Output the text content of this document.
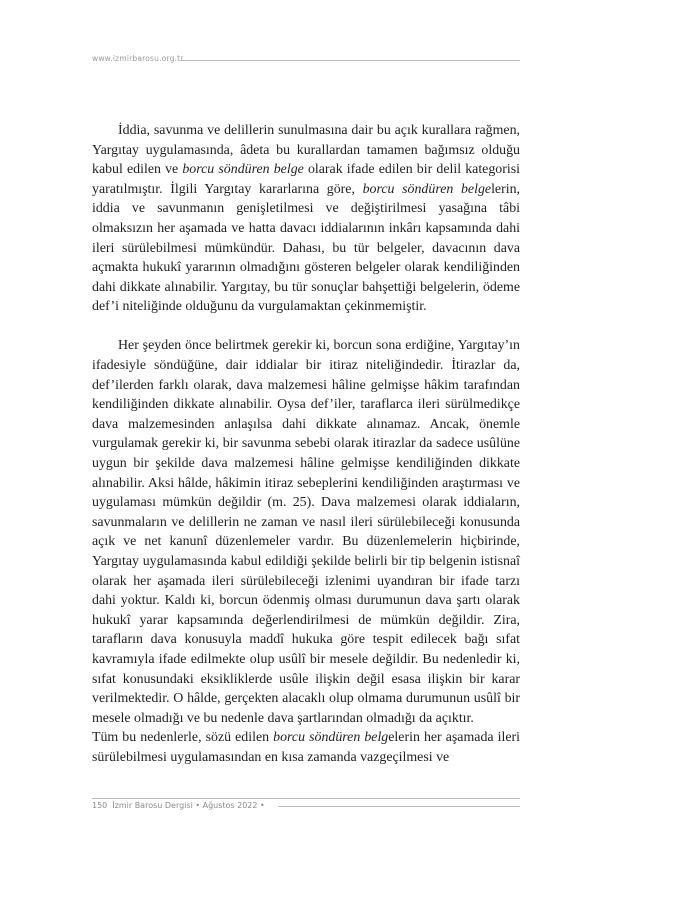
www.izmirbarosu.org.tr

İddia, savunma ve delillerin sunulmasına dair bu açık kurallara rağmen, Yargıtay uygulamasında, âdeta bu kurallardan tamamen bağımsız olduğu kabul edilen ve borcu söndüren belge olarak ifade edilen bir delil kategorisi yaratılmıştır. İlgili Yargıtay kararlarına göre, borcu söndüren belgelerin, iddia ve savunmanın genişletilmesi ve değiştirilmesi yasağına tâbi olmaksızın her aşamada ve hatta davacı iddialarının inkârı kapsamında dahi ileri sürülebilmesi mümkündür. Dahası, bu tür belgeler, davacının dava açmakta hukukî yararının olmadığını gösteren belgeler olarak kendiliğinden dahi dikkate alınabilir. Yargıtay, bu tür sonuçlar bahşettiği belgelerin, ödeme def’i niteliğinde olduğunu da vurgulamaktan çekinmemiştir.

Her şeyden önce belirtmek gerekir ki, borcun sona erdiğine, Yargıtay’ın ifadesiyle söndüğüne, dair iddialar bir itiraz niteliğindedir. İtirazlar da, def’ilerden farklı olarak, dava malzemesi hâline gelmişse hâkim tarafından kendiliğinden dikkate alınabilir. Oysa def’iler, taraflarca ileri sürülmedikçe dava malzemesinden anlaşılsa dahi dikkate alınamaz. Ancak, önemle vurgulamak gerekir ki, bir savunma sebebi olarak itirazlar da sadece usûlüne uygun bir şekilde dava malzemesi hâline gelmişse kendiliğinden dikkate alınabilir. Aksi hâlde, hâkimin itiraz sebeplerini kendiliğinden araştırması ve uygulaması mümkün değildir (m. 25). Dava malzemesi olarak iddiaların, savunmaların ve delillerin ne zaman ve nasıl ileri sürülebileceği konusunda açık ve net kanunî düzenlemeler vardır. Bu düzenlemelerin hiçbirinde, Yargıtay uygulamasında kabul edildiği şekilde belirli bir tip belgenin istisnaî olarak her aşamada ileri sürülebileceği izlenimi uyandıran bir ifade tarzı dahi yoktur. Kaldı ki, borcun ödenmiş olması durumunun dava şartı olarak hukukî yarar kapsamında değerlendirilmesi de mümkün değildir. Zira, tarafların dava konusuyla maddî hukuka göre tespit edilecek bağı sıfat kavramıyla ifade edilmekte olup usûlî bir mesele değildir. Bu nedenledir ki, sıfat konusundaki eksikliklerde usûle ilişkin değil esasa ilişkin bir karar verilmektedir. O hâlde, gerçekten alacaklı olup olmama durumunun usûlî bir mesele olmadığı ve bu nedenle dava şartlarından olmadığı da açıktır.

Tüm bu nedenlerle, sözü edilen borcu söndüren belgelerin her aşamada ileri sürülebilmesi uygulamasından en kısa zamanda vazgeçilmesi ve

150 İzmir Barosu Dergisi • Ağustos 2022 •
